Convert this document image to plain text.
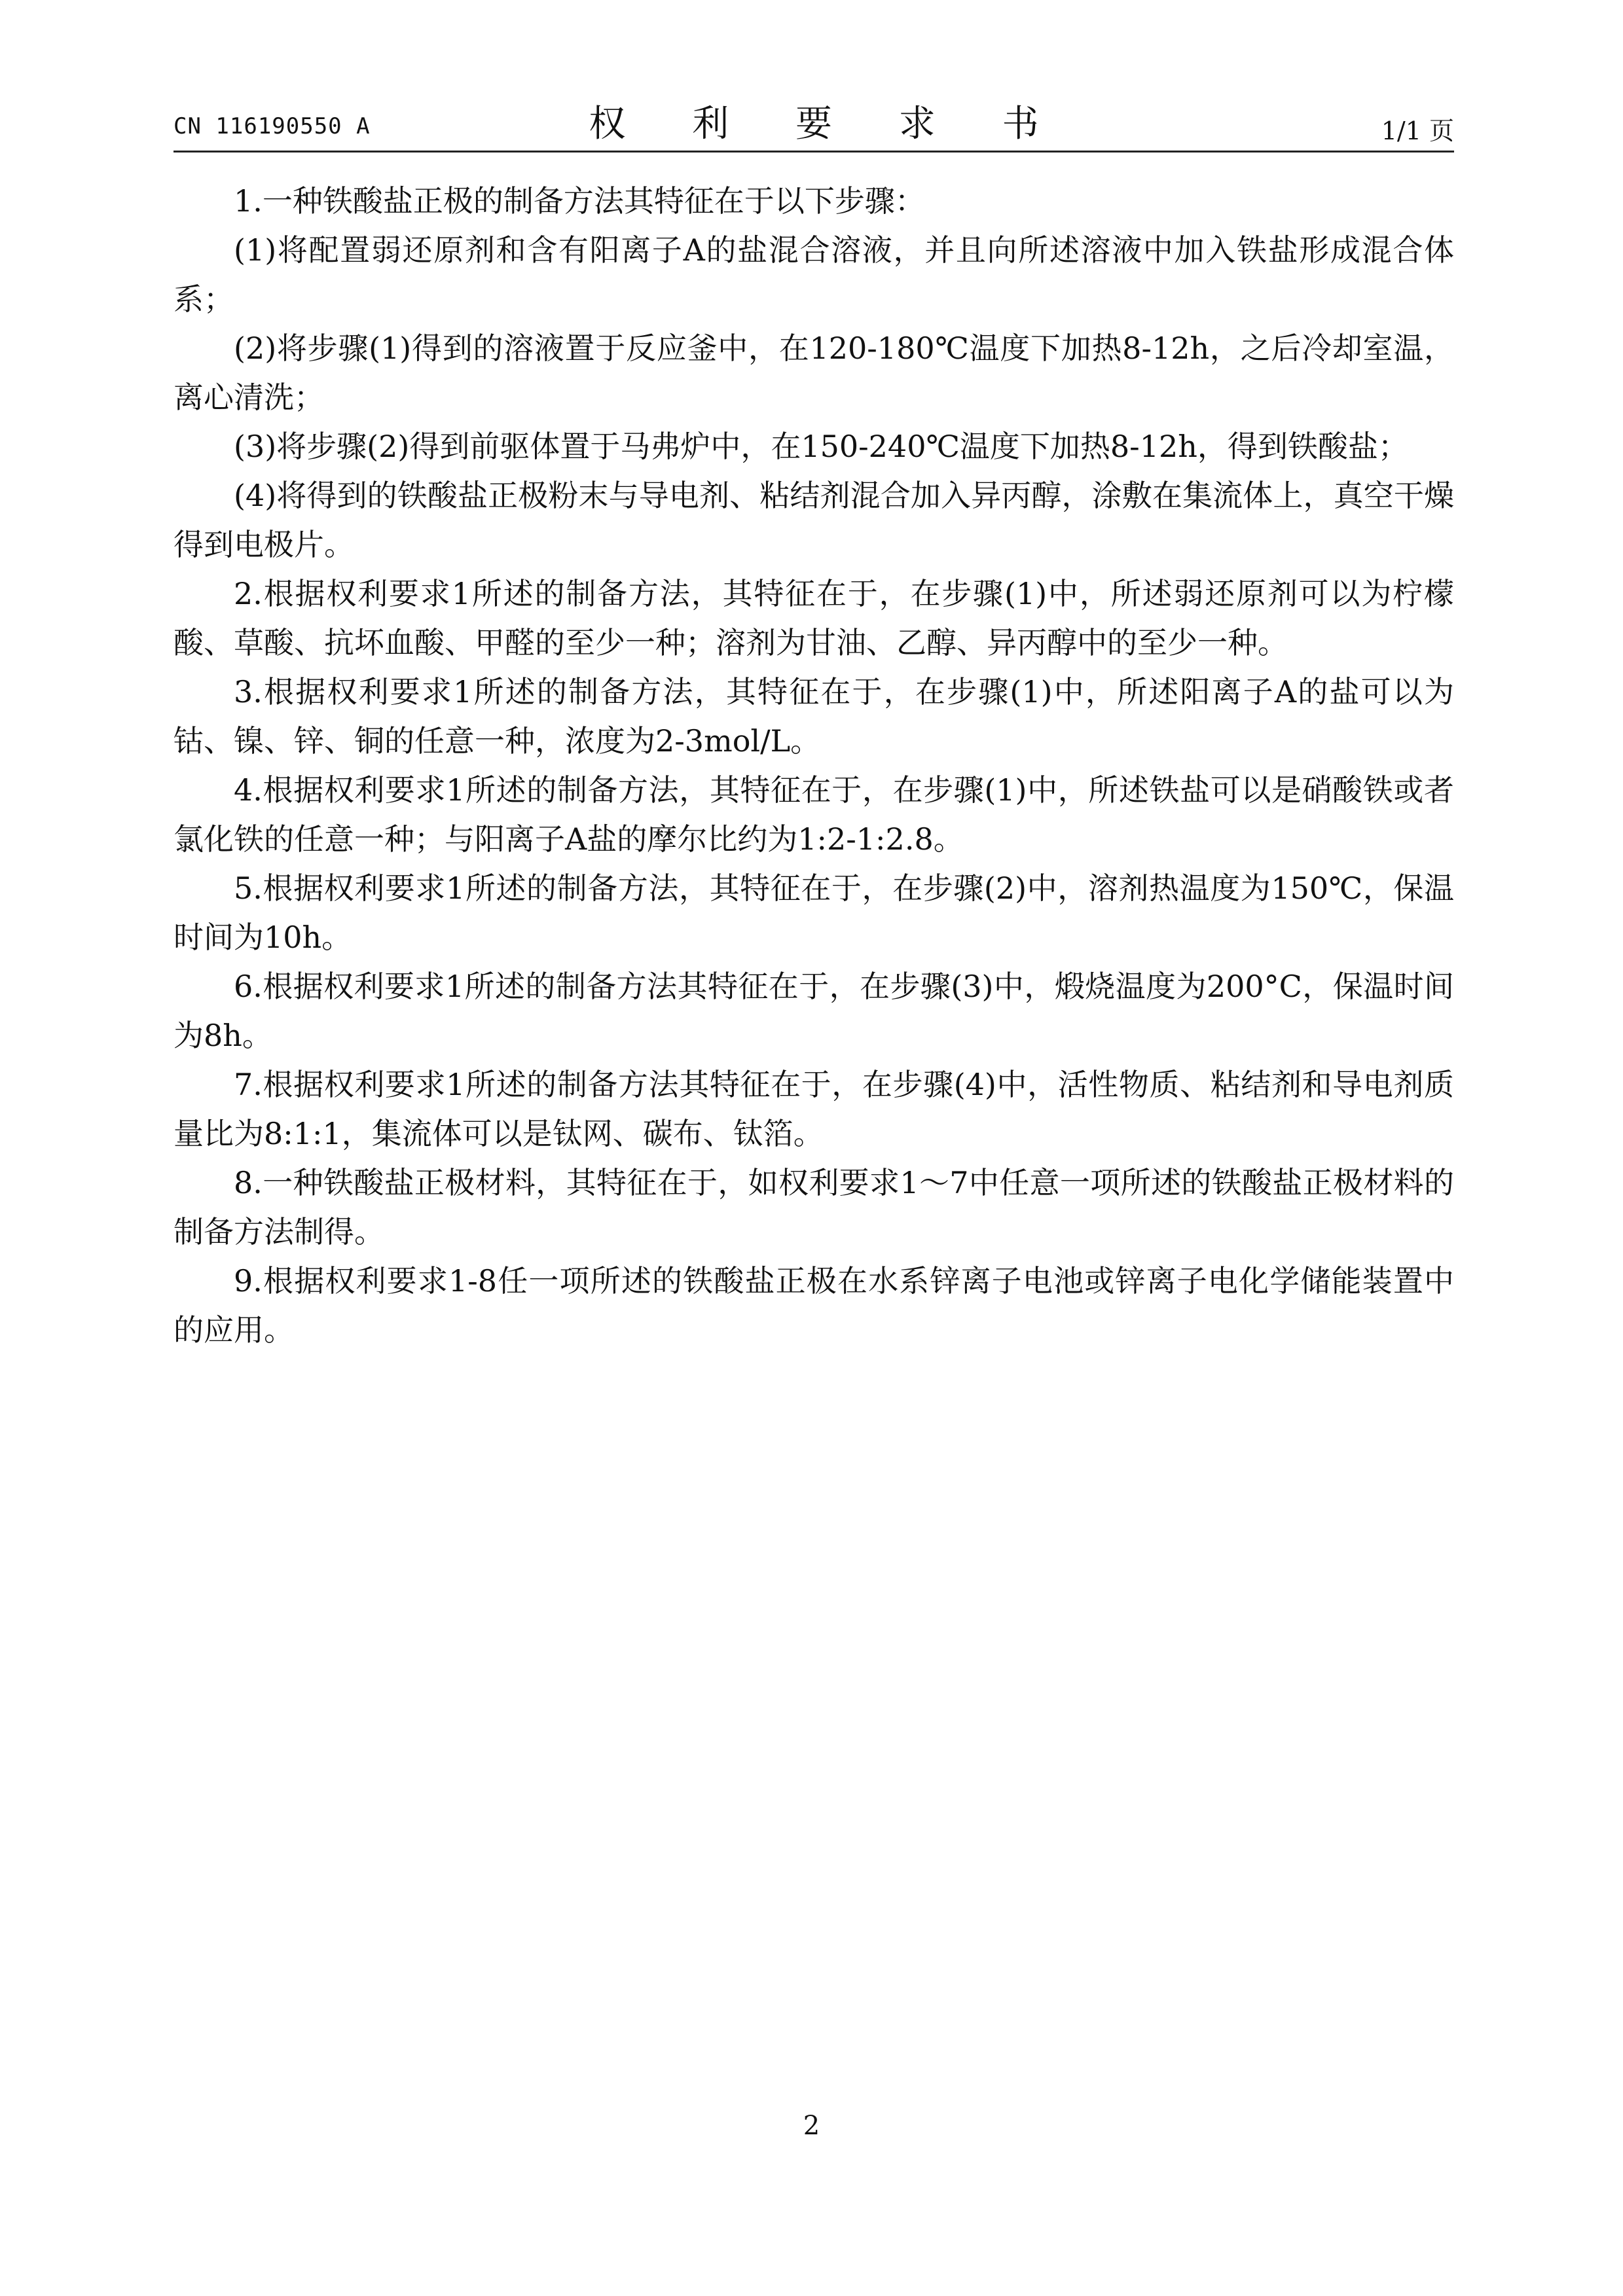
CN 116190550 A	权 利 要 求 书	1/1 页

1.一种铁酸盐正极的制备方法其特征在于以下步骤：

(1)将配置弱还原剂和含有阳离子A的盐混合溶液，并且向所述溶液中加入铁盐形成混合体系；

(2)将步骤(1)得到的溶液置于反应釜中，在120-180℃温度下加热8-12h，之后冷却室温，离心清洗；

(3)将步骤(2)得到前驱体置于马弗炉中，在150-240℃温度下加热8-12h，得到铁酸盐；

(4)将得到的铁酸盐正极粉末与导电剂、粘结剂混合加入异丙醇，涂敷在集流体上，真空干燥得到电极片。

2.根据权利要求1所述的制备方法，其特征在于，在步骤(1)中，所述弱还原剂可以为柠檬酸、草酸、抗坏血酸、甲醛的至少一种；溶剂为甘油、乙醇、异丙醇中的至少一种。

3.根据权利要求1所述的制备方法，其特征在于，在步骤(1)中，所述阳离子A的盐可以为钴、镍、锌、铜的任意一种，浓度为2-3mol/L。

4.根据权利要求1所述的制备方法，其特征在于，在步骤(1)中，所述铁盐可以是硝酸铁或者氯化铁的任意一种；与阳离子A盐的摩尔比约为1:2-1:2.8。

5.根据权利要求1所述的制备方法，其特征在于，在步骤(2)中，溶剂热温度为150℃，保温时间为10h。

6.根据权利要求1所述的制备方法其特征在于，在步骤(3)中，煅烧温度为200°C，保温时间为8h。

7.根据权利要求1所述的制备方法其特征在于，在步骤(4)中，活性物质、粘结剂和导电剂质量比为8:1:1，集流体可以是钛网、碳布、钛箔。

8.一种铁酸盐正极材料，其特征在于，如权利要求1～7中任意一项所述的铁酸盐正极材料的制备方法制得。

9.根据权利要求1-8任一项所述的铁酸盐正极在水系锌离子电池或锌离子电化学储能装置中的应用。

2
